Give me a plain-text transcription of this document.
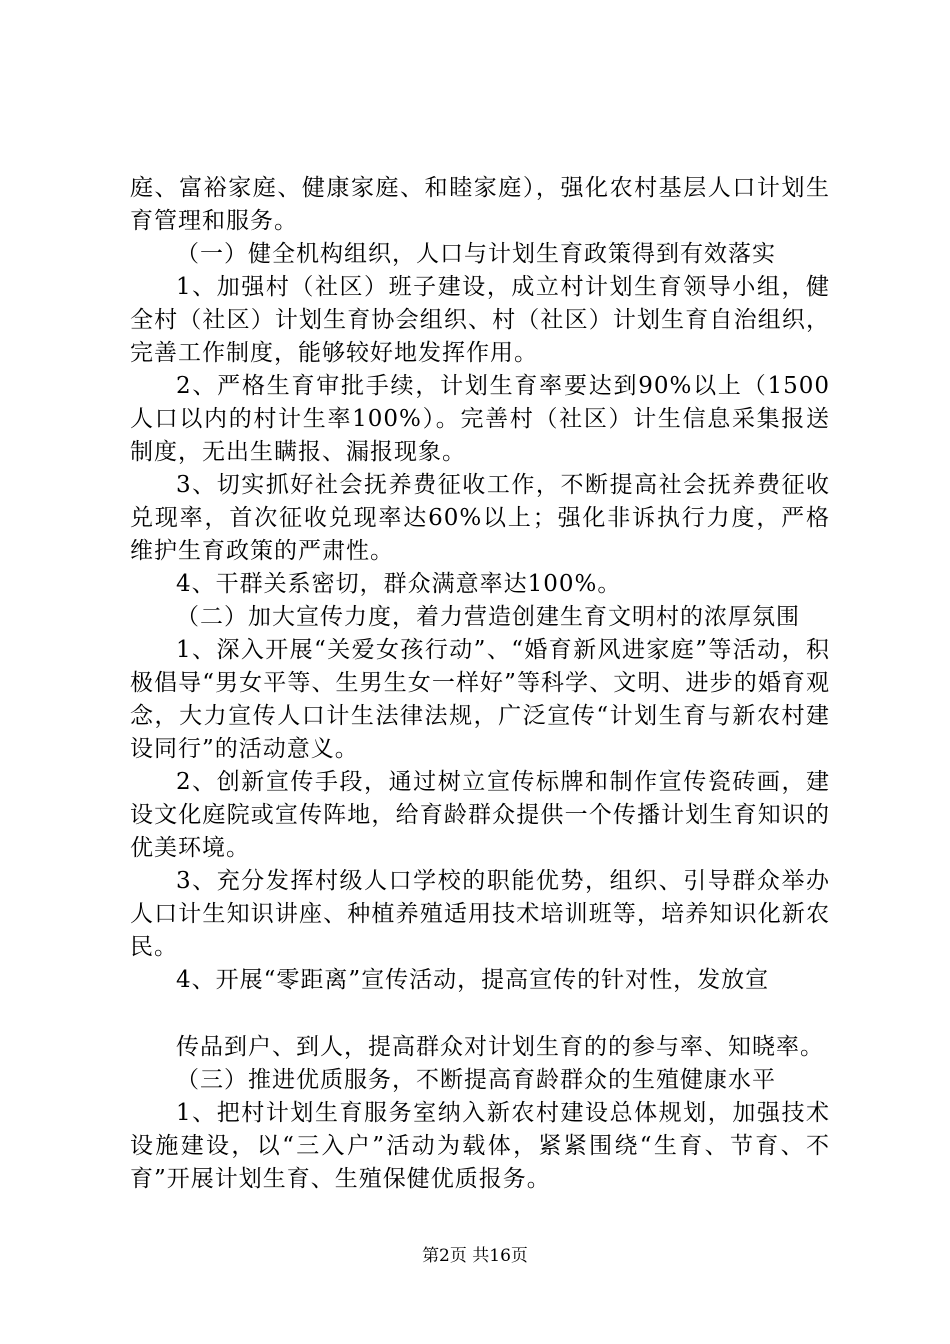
庭、富裕家庭、健康家庭、和睦家庭），强化农村基层人口计划生育管理和服务。

（一）健全机构组织，人口与计划生育政策得到有效落实

1、加强村（社区）班子建设，成立村计划生育领导小组，健全村（社区）计划生育协会组织、村（社区）计划生育自治组织，完善工作制度，能够较好地发挥作用。

2、严格生育审批手续，计划生育率要达到90%以上（1500人口以内的村计生率100%）。完善村（社区）计生信息采集报送制度，无出生瞒报、漏报现象。

3、切实抓好社会抚养费征收工作，不断提高社会抚养费征收兑现率，首次征收兑现率达60%以上；强化非诉执行力度，严格维护生育政策的严肃性。

4、干群关系密切，群众满意率达100%。

（二）加大宣传力度，着力营造创建生育文明村的浓厚氛围

1、深入开展“关爱女孩行动”、“婚育新风进家庭”等活动，积极倡导“男女平等、生男生女一样好”等科学、文明、进步的婚育观念，大力宣传人口计生法律法规，广泛宣传“计划生育与新农村建设同行”的活动意义。

2、创新宣传手段，通过树立宣传标牌和制作宣传瓷砖画，建设文化庭院或宣传阵地，给育龄群众提供一个传播计划生育知识的优美环境。

3、充分发挥村级人口学校的职能优势，组织、引导群众举办人口计生知识讲座、种植养殖适用技术培训班等，培养知识化新农民。

4、开展“零距离”宣传活动，提高宣传的针对性，发放宣

传品到户、到人，提高群众对计划生育的的参与率、知晓率。

（三）推进优质服务，不断提高育龄群众的生殖健康水平

1、把村计划生育服务室纳入新农村建设总体规划，加强技术设施建设，以“三入户”活动为载体，紧紧围绕“生育、节育、不育”开展计划生育、生殖保健优质报务。

第2页 共16页
